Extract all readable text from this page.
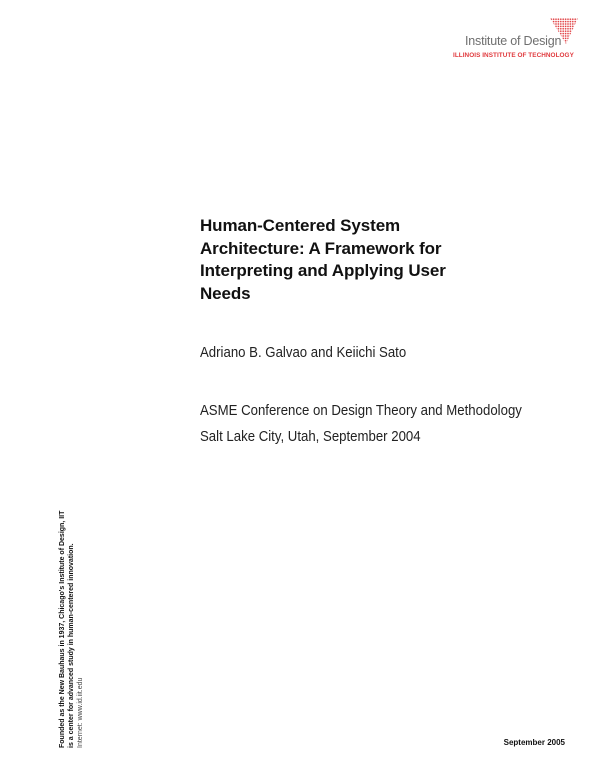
Institute of Design
ILLINOIS INSTITUTE OF TECHNOLOGY
Human-Centered System
Architecture: A Framework for
Interpreting and Applying User
Needs

Adriano B. Galvao and Keiichi Sato

ASME Conference on Design Theory and Methodology
Salt Lake City, Utah, September 2004

Founded as the New Bauhaus in 1937, Chicago's Institute of Design, IIT is a center for advanced study in human-centered innovation. Internet: www.id.iit.edu	September 2005
